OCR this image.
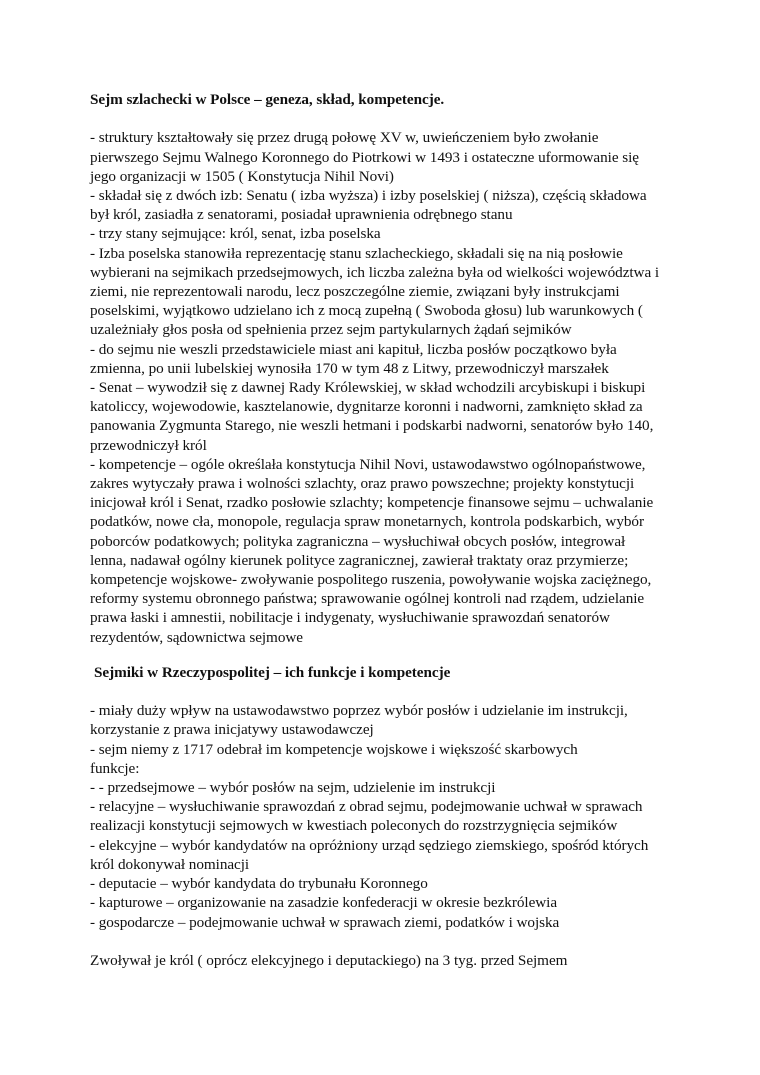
Sejm szlachecki w Polsce – geneza, skład, kompetencje.
- struktury kształtowały się przez drugą połowę XV w, uwieńczeniem było zwołanie
pierwszego Sejmu Walnego Koronnego do Piotrkowi w 1493 i ostateczne uformowanie się
jego organizacji w 1505 ( Konstytucja Nihil Novi)
- składał się z dwóch izb: Senatu ( izba wyższa) i izby poselskiej ( niższa), częścią składowa
był król, zasiadła z senatorami, posiadał uprawnienia odrębnego stanu
- trzy stany sejmujące: król, senat, izba poselska
- Izba poselska stanowiła reprezentację stanu szlacheckiego, składali się na nią posłowie
wybierani na sejmikach przedsejmowych, ich liczba zależna była od wielkości województwa i
ziemi, nie reprezentowali narodu, lecz poszczególne ziemie, związani były instrukcjami
poselskimi, wyjątkowo udzielano ich z mocą zupełną ( Swoboda głosu) lub warunkowych (
uzależniały głos posła od spełnienia przez sejm partykularnych żądań sejmików
- do sejmu nie weszli przedstawiciele miast ani kapituł, liczba posłów początkowo była
zmienna, po unii lubelskiej wynosiła 170 w tym 48 z Litwy, przewodniczył marszałek
- Senat – wywodził się z dawnej Rady Królewskiej, w skład wchodzili arcybiskupi i biskupi
katoliccy, wojewodowie, kasztelanowie, dygnitarze koronni i nadworni, zamknięto skład za
panowania Zygmunta Starego, nie weszli hetmani i podskarbi nadworni, senatorów było 140,
przewodniczył król
- kompetencje – ogóle określała konstytucja Nihil Novi, ustawodawstwo ogólnopaństwowe,
zakres wytyczały prawa i wolności szlachty, oraz prawo powszechne; projekty konstytucji
inicjował król i Senat, rzadko posłowie szlachty; kompetencje finansowe sejmu – uchwalanie
podatków, nowe cła, monopole, regulacja spraw monetarnych, kontrola podskarbich, wybór
poborców podatkowych; polityka zagraniczna – wysłuchiwał obcych posłów, integrował
lenna, nadawał ogólny kierunek polityce zagranicznej, zawierał traktaty oraz przymierze;
kompetencje wojskowe- zwoływanie pospolitego ruszenia, powoływanie wojska zaciężnego,
reformy systemu obronnego państwa; sprawowanie ogólnej kontroli nad rządem, udzielanie
prawa łaski i amnestii, nobilitacje i indygenaty, wysłuchiwanie sprawozdań senatorów
rezydentów, sądownictwa sejmowe
Sejmiki w Rzeczypospolitej – ich funkcje i kompetencje
- miały duży wpływ na ustawodawstwo poprzez wybór posłów i udzielanie im instrukcji,
korzystanie z prawa inicjatywy ustawodawczej
- sejm niemy z 1717 odebrał im kompetencje wojskowe i większość skarbowych
funkcje:
- - przedsejmowe – wybór posłów na sejm, udzielenie im instrukcji
- relacyjne – wysłuchiwanie sprawozdań z obrad sejmu, podejmowanie uchwał w sprawach
realizacji konstytucji sejmowych w kwestiach poleconych do rozstrzygnięcia sejmików
- elekcyjne – wybór kandydatów na opróżniony urząd sędziego ziemskiego, spośród których
król dokonywał nominacji
- deputacie – wybór kandydata do trybunału Koronnego
- kapturowe – organizowanie na zasadzie konfederacji w okresie bezkrólewia
- gospodarcze – podejmowanie uchwał w sprawach ziemi, podatków i wojska
Zwoływał je król ( oprócz elekcyjnego i deputackiego) na 3 tyg. przed Sejmem
